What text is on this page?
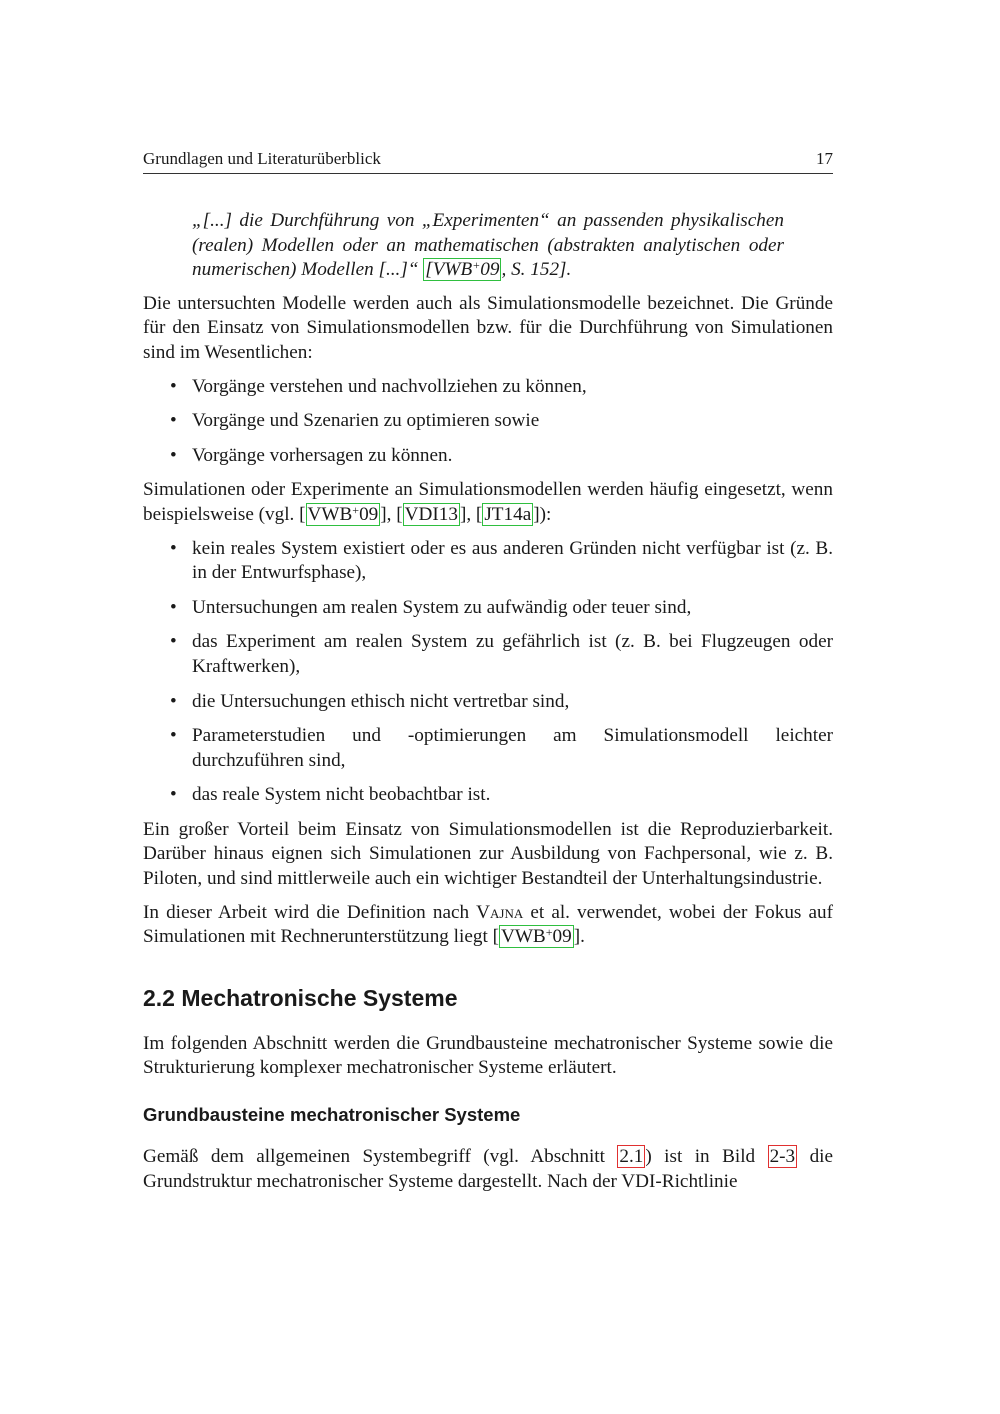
Grundlagen und Literaturüberblick	17
„[...] die Durchführung von „Experimenten“ an passenden physikalischen (realen) Modellen oder an mathematischen (abstrakten analytischen oder numerischen) Modellen [...]“ [VWB+09 , S. 152].

Die untersuchten Modelle werden auch als Simulationsmodelle bezeichnet. Die Gründe für den Einsatz von Simulationsmodellen bzw. für die Durchführung von Simulationen sind im Wesentlichen:

• Vorgänge verstehen und nachvollziehen zu können,
• Vorgänge und Szenarien zu optimieren sowie
• Vorgänge vorhersagen zu können.

Simulationen oder Experimente an Simulationsmodellen werden häufig eingesetzt, wenn beispielsweise (vgl. [ VWB+09 ], [ VDI13 ], [ JT14a ]):

• kein reales System existiert oder es aus anderen Gründen nicht verfügbar ist (z. B. in der Entwurfsphase),
• Untersuchungen am realen System zu aufwändig oder teuer sind,
• das Experiment am realen System zu gefährlich ist (z. B. bei Flugzeugen oder Kraftwerken),
• die Untersuchungen ethisch nicht vertretbar sind,
• Parameterstudien und -optimierungen am Simulationsmodell leichter durchzuführen sind,
• das reale System nicht beobachtbar ist.

Ein großer Vorteil beim Einsatz von Simulationsmodellen ist die Reproduzierbarkeit. Darüber hinaus eignen sich Simulationen zur Ausbildung von Fachpersonal, wie z. B. Piloten, und sind mittlerweile auch ein wichtiger Bestandteil der Unterhaltungsindustrie.

In dieser Arbeit wird die Definition nach Vajna et al. verwendet, wobei der Fokus auf Simulationen mit Rechnerunterstützung liegt [ VWB+09 ].

2.2 Mechatronische Systeme

Im folgenden Abschnitt werden die Grundbausteine mechatronischer Systeme sowie die Strukturierung komplexer mechatronischer Systeme erläutert.

Grundbausteine mechatronischer Systeme

Gemäß dem allgemeinen Systembegriff (vgl. Abschnitt 2.1 ) ist in Bild 2-3 die Grundstruktur mechatronischer Systeme dargestellt. Nach der VDI-Richtlinie
